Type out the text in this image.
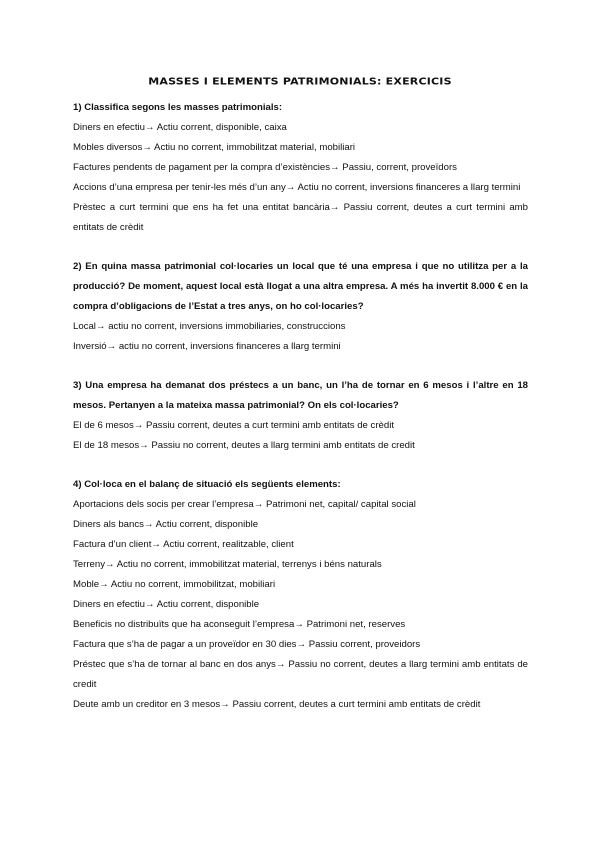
MASSES I ELEMENTS PATRIMONIALS: EXERCICIS
1) Classifica segons les masses patrimonials:
Diners en efectiu→ Actiu corrent, disponible, caixa
Mobles diversos→ Actiu no corrent, immobilitzat material, mobiliari
Factures pendents de pagament per la compra d’existències→ Passiu, corrent, proveïdors
Accions d’una empresa per tenir-les més d’un any→ Actiu no corrent, inversions financeres a llarg termini
Prèstec a curt termini que ens ha fet una entitat bancària→ Passiu corrent, deutes a curt termini amb entitats de crèdit
2) En quina massa patrimonial col·locaries un local que té una empresa i que no utilitza per a la producció? De moment, aquest local està llogat a una altra empresa. A més ha invertit 8.000 € en la compra d’obligacions de l’Estat a tres anys, on ho col·locaries?
Local→ actiu no corrent, inversions immobiliaries, construccions
Inversió→ actiu no corrent, inversions financeres a llarg termini
3) Una empresa ha demanat dos préstecs a un banc, un l’ha de tornar en 6 mesos i l’altre en 18 mesos. Pertanyen a la mateixa massa patrimonial? On els col·locaries?
El de 6 mesos→ Passiu corrent, deutes a curt termini amb entitats de crèdit
El de 18 mesos→ Passiu no corrent, deutes a llarg termini amb entitats de credit
4) Col·loca en el balanç de situació els següents elements:
Aportacions dels socis per crear l’empresa→ Patrimoni net, capital/ capital social
Diners als bancs→ Actiu corrent, disponible
Factura d’un client→ Actiu corrent, realitzable, client
Terreny→ Actiu no corrent, immobilitzat material, terrenys i béns naturals
Moble→ Actiu no corrent, immobilitzat, mobiliari
Diners en efectiu→ Actiu corrent, disponible
Beneficis no distribuïts que ha aconseguit l’empresa→ Patrimoni net, reserves
Factura que s’ha de pagar a un proveïdor en 30 dies→ Passiu corrent, proveidors
Préstec que s’ha de tornar al banc en dos anys→ Passiu no corrent, deutes a llarg termini amb entitats de credit
Deute amb un creditor en 3 mesos→ Passiu corrent, deutes a curt termini amb entitats de crèdit
